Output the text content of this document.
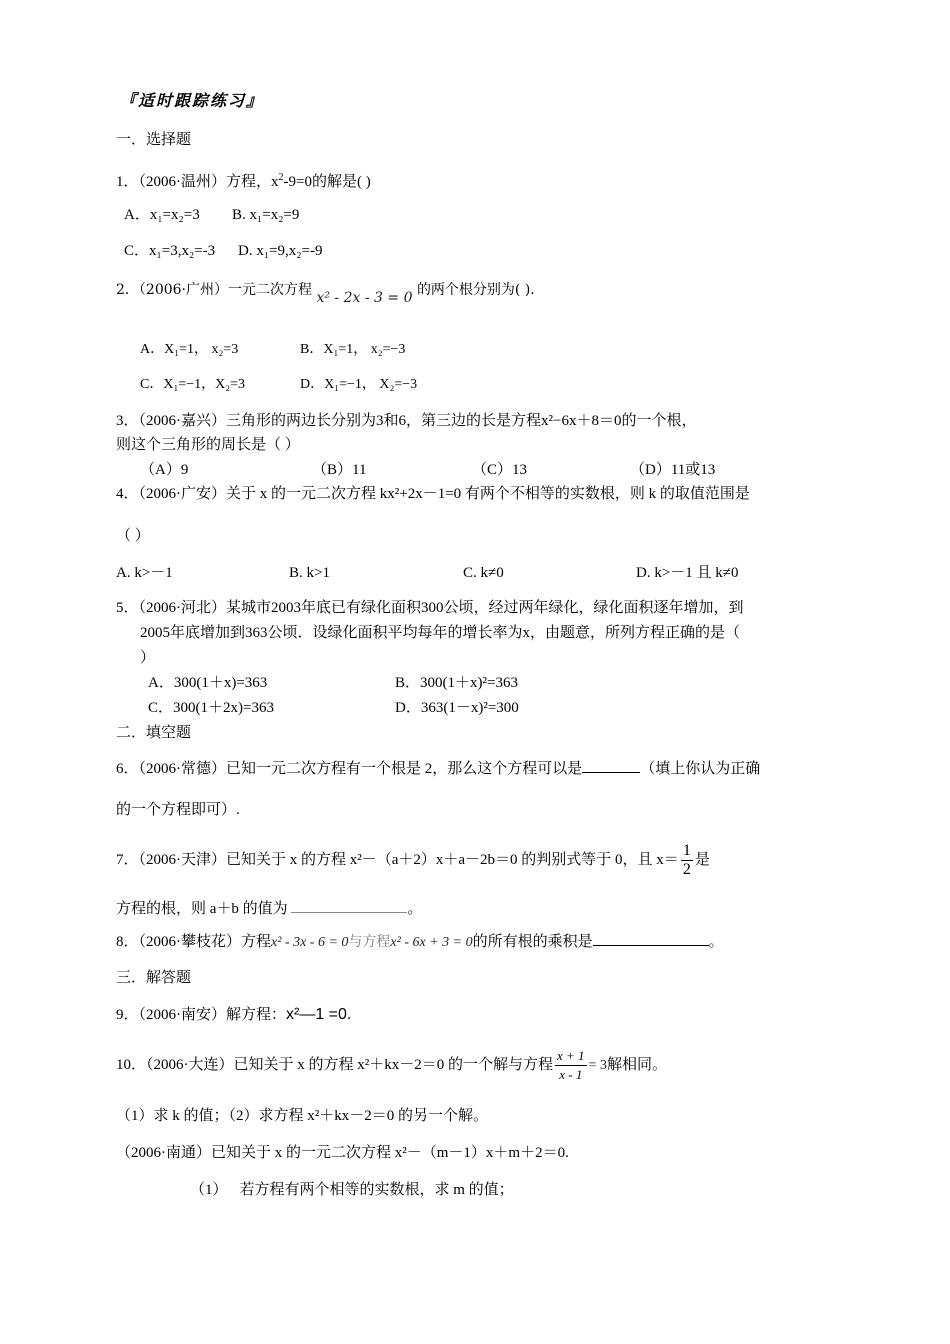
『适时跟踪练习』
一．选择题
1．（2006·温州）方程，$x^2-9=0$的解是( )
A．x₁=x₂=3 B. x₁=x₂=9
C．x₁=3,x₂=-3 D. x₁=9,x₂=-9
2．（2006·广州）一元二次方程 x² - 2x - 3 = 0 的两个根分别为( ).
A．X₁=1， x₂=3	B．X₁=1， x₂=−3
C．X₁=−1，X₂=3	D．X₁=−1， X₂=−3
3．（2006·嘉兴）三角形的两边长分别为3和6，第三边的长是方程x²−6x＋8＝0的一个根，
则这个三角形的周长是（ ）
（A）9	（B）11	（C）13	（D）11或13
4．（2006·广安）关于 x 的一元二次方程 kx²+2x－1=0 有两个不相等的实数根，则 k 的取值范围是
（ ）
A. k>－1	B. k>1	C. k≠0	D. k>－1 且 k≠0
5．（2006·河北）某城市2003年底已有绿化面积300公顷，经过两年绿化，绿化面积逐年增加，到
2005年底增加到363公顷．设绿化面积平均每年的增长率为x，由题意，所列方程正确的是（
）
A．300(1＋x)=363	B．300(1＋x)²=363
C．300(1＋2x)=363	D．363(1－x)²=300
二．填空题
6．（2006·常德）已知一元二次方程有一个根是 2，那么这个方程可以是	（填上你认为正确
的一个方程即可）.
7．（2006·天津）已知关于 x 的方程 x²－（a＋2）x＋a－2b＝0 的判别式等于 0，且 $x= \frac{1}{2}$ 是
方程的根，则 a＋b 的值为	。
8．（2006·攀枝花）方程x² - 3x - 6 = 0与方程x² - 6x + 3 = 0的所有根的乘积是	。
三．解答题
9．（2006·南安）解方程：x²—1 =0.
10．（2006·大连）已知关于 x 的方程 x²＋kx－2＝0 的一个解与方程 $\frac{x + 1}{x - 1} = 3$解相同。
（1）求 k 的值；（2）求方程 x²＋kx－2＝0 的另一个解。
（2006·南通）已知关于 x 的一元二次方程 x²－（m－1）x＋m＋2＝0.
（1） 若方程有两个相等的实数根，求 m 的值；
